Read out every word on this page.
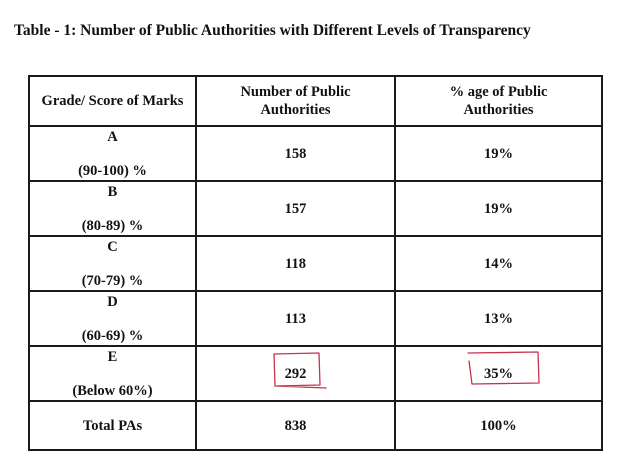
Table - 1: Number of Public Authorities with Different Levels of Transparency
Grade/ Score of Marks	Number of Public Authorities	% age of Public Authorities

A
(90-100) %	158	19%

B
(80-89) %	157	19%

C
(70-79) %	118	14%

D
(60-69) %	113	13%

E
(Below 60%)	292	35%

Total PAs	838	100%
